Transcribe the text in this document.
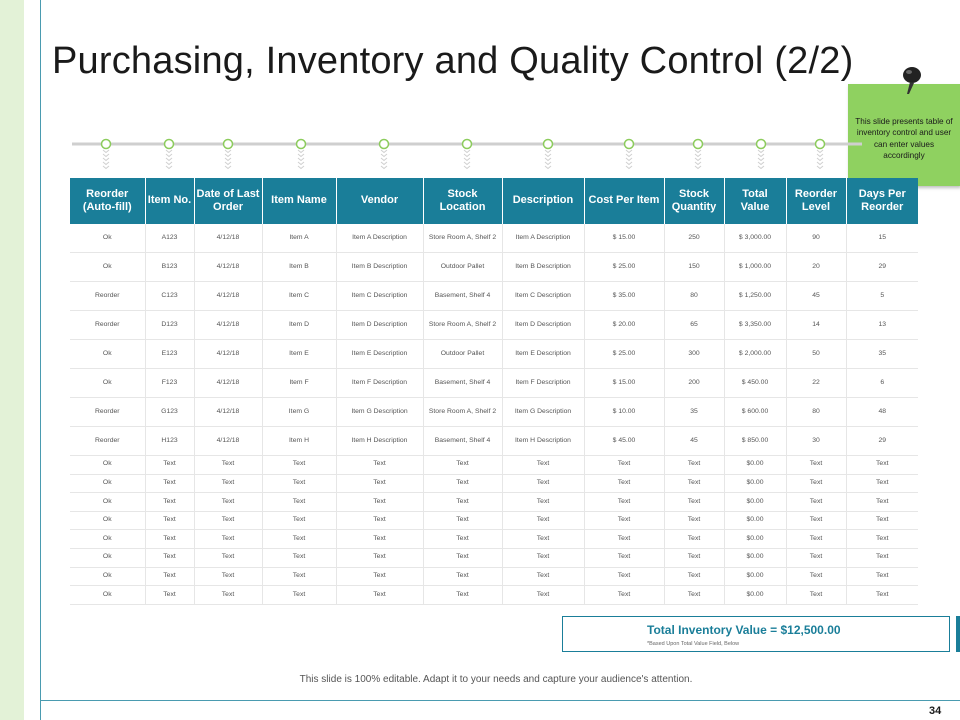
Purchasing, Inventory and Quality Control (2/2)
This slide presents table of inventory control and user can enter values accordingly
Reorder (Auto-fill)	Item No.	Date of Last Order	Item Name	Vendor	Stock Location	Description	Cost Per Item	Stock Quantity	Total Value	Reorder Level	Days Per Reorder
Ok	A123	4/12/18	Item A	Item A Description	Store Room A, Shelf 2	Item A Description	$ 15.00	250	$ 3,000.00	90	15
Ok	B123	4/12/18	Item B	Item B Description	Outdoor Pallet	Item B Description	$ 25.00	150	$ 1,000.00	20	29
Reorder	C123	4/12/18	Item C	Item C Description	Basement, Shelf 4	Item C Description	$ 35.00	80	$ 1,250.00	45	5
Reorder	D123	4/12/18	Item D	Item D Description	Store Room A, Shelf 2	Item D Description	$ 20.00	65	$ 3,350.00	14	13
Ok	E123	4/12/18	Item E	Item E Description	Outdoor Pallet	Item E Description	$ 25.00	300	$ 2,000.00	50	35
Ok	F123	4/12/18	Item F	Item F Description	Basement, Shelf 4	Item F Description	$ 15.00	200	$ 450.00	22	6
Reorder	G123	4/12/18	Item G	Item G Description	Store Room A, Shelf 2	Item G Description	$ 10.00	35	$ 600.00	80	48
Reorder	H123	4/12/18	Item H	Item H Description	Basement, Shelf 4	Item H Description	$ 45.00	45	$ 850.00	30	29
Ok	Text	Text	Text	Text	Text	Text	Text	Text	$0.00	Text	Text
Ok	Text	Text	Text	Text	Text	Text	Text	Text	$0.00	Text	Text
Ok	Text	Text	Text	Text	Text	Text	Text	Text	$0.00	Text	Text
Ok	Text	Text	Text	Text	Text	Text	Text	Text	$0.00	Text	Text
Ok	Text	Text	Text	Text	Text	Text	Text	Text	$0.00	Text	Text
Ok	Text	Text	Text	Text	Text	Text	Text	Text	$0.00	Text	Text
Ok	Text	Text	Text	Text	Text	Text	Text	Text	$0.00	Text	Text
Ok	Text	Text	Text	Text	Text	Text	Text	Text	$0.00	Text	Text
Total Inventory Value = $12,500.00
*Based Upon Total Value Field, Below
This slide is 100% editable. Adapt it to your needs and capture your audience's attention.
34
